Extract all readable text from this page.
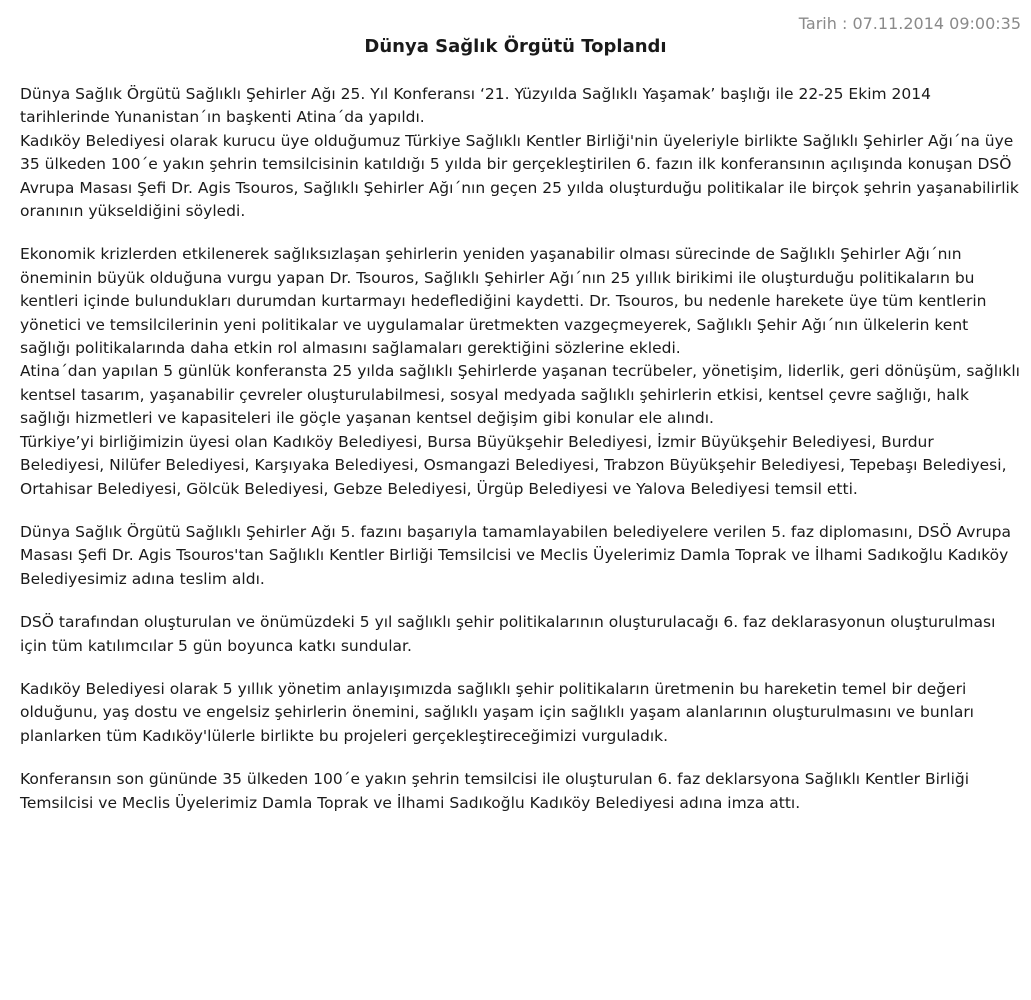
Tarih : 07.11.2014 09:00:35
Dünya Sağlık Örgütü Toplandı

Dünya Sağlık Örgütü Sağlıklı Şehirler Ağı 25. Yıl Konferansı ‘21. Yüzyılda Sağlıklı Yaşamak’ başlığı ile 22-25 Ekim 2014 tarihlerinde Yunanistan´ın başkenti Atina´da yapıldı.

Kadıköy Belediyesi olarak kurucu üye olduğumuz Türkiye Sağlıklı Kentler Birliği'nin üyeleriyle birlikte Sağlıklı Şehirler Ağı´na üye 35 ülkeden 100´e yakın şehrin temsilcisinin katıldığı 5 yılda bir gerçekleştirilen 6. fazın ilk konferansının açılışında konuşan DSÖ Avrupa Masası Şefi Dr. Agis Tsouros, Sağlıklı Şehirler Ağı´nın geçen 25 yılda oluşturduğu politikalar ile birçok şehrin yaşanabilirlik oranının yükseldiğini söyledi.

Ekonomik krizlerden etkilenerek sağlıksızlaşan şehirlerin yeniden yaşanabilir olması sürecinde de Sağlıklı Şehirler Ağı´nın öneminin büyük olduğuna vurgu yapan Dr. Tsouros, Sağlıklı Şehirler Ağı´nın 25 yıllık birikimi ile oluşturduğu politikaların bu kentleri içinde bulundukları durumdan kurtarmayı hedeflediğini kaydetti. Dr. Tsouros, bu nedenle harekete üye tüm kentlerin yönetici ve temsilcilerinin yeni politikalar ve uygulamalar üretmekten vazgeçmeyerek, Sağlıklı Şehir Ağı´nın ülkelerin kent sağlığı politikalarında daha etkin rol almasını sağlamaları gerektiğini sözlerine ekledi.

Atina´dan yapılan 5 günlük konferansta 25 yılda sağlıklı Şehirlerde yaşanan tecrübeler, yönetişim, liderlik, geri dönüşüm, sağlıklı kentsel tasarım, yaşanabilir çevreler oluşturulabilmesi, sosyal medyada sağlıklı şehirlerin etkisi, kentsel çevre sağlığı, halk sağlığı hizmetleri ve kapasiteleri ile göçle yaşanan kentsel değişim gibi konular ele alındı.

Türkiye’yi birliğimizin üyesi olan Kadıköy Belediyesi, Bursa Büyükşehir Belediyesi, İzmir Büyükşehir Belediyesi, Burdur Belediyesi, Nilüfer Belediyesi, Karşıyaka Belediyesi, Osmangazi Belediyesi, Trabzon Büyükşehir Belediyesi, Tepebaşı Belediyesi, Ortahisar Belediyesi, Gölcük Belediyesi, Gebze Belediyesi, Ürgüp Belediyesi ve Yalova Belediyesi temsil etti.

Dünya Sağlık Örgütü Sağlıklı Şehirler Ağı 5. fazını başarıyla tamamlayabilen belediyelere verilen 5. faz diplomasını, DSÖ Avrupa Masası Şefi Dr. Agis Tsouros'tan Sağlıklı Kentler Birliği Temsilcisi ve Meclis Üyelerimiz Damla Toprak ve İlhami Sadıkoğlu Kadıköy Belediyesimiz adına teslim aldı.

DSÖ tarafından oluşturulan ve önümüzdeki 5 yıl sağlıklı şehir politikalarının oluşturulacağı 6. faz deklarasyonun oluşturulması için tüm katılımcılar 5 gün boyunca katkı sundular.

Kadıköy Belediyesi olarak 5 yıllık yönetim anlayışımızda sağlıklı şehir politikaların üretmenin bu hareketin temel bir değeri olduğunu, yaş dostu ve engelsiz şehirlerin önemini, sağlıklı yaşam için sağlıklı yaşam alanlarının oluşturulmasını ve bunları planlarken tüm Kadıköy'lülerle birlikte bu projeleri gerçekleştireceğimizi vurguladık.

Konferansın son gününde 35 ülkeden 100´e yakın şehrin temsilcisi ile oluşturulan 6. faz deklarsyona Sağlıklı Kentler Birliği Temsilcisi ve Meclis Üyelerimiz Damla Toprak ve İlhami Sadıkoğlu Kadıköy Belediyesi adına imza attı.
